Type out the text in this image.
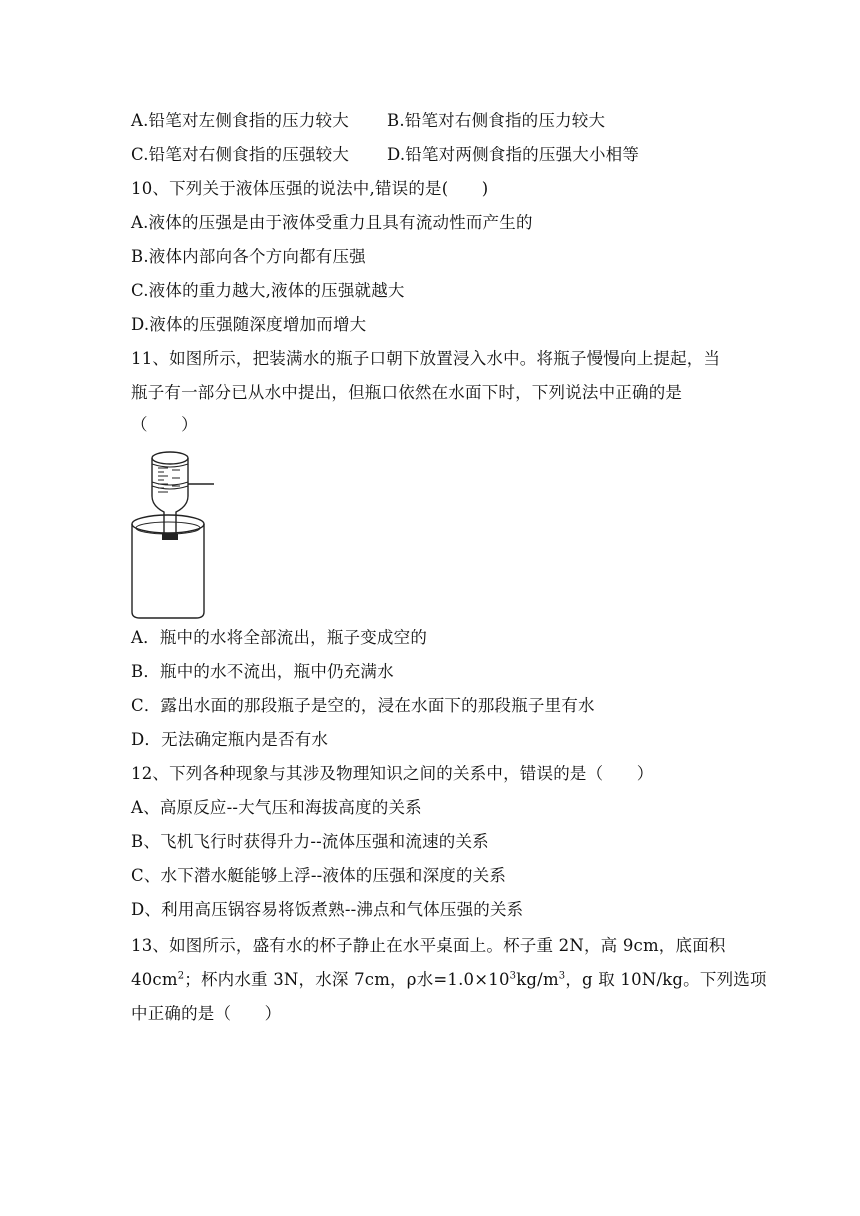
A.铅笔对左侧食指的压力较大 B.铅笔对右侧食指的压力较大
C.铅笔对右侧食指的压强较大 D.铅笔对两侧食指的压强大小相等
10、下列关于液体压强的说法中,错误的是(　　)
A.液体的压强是由于液体受重力且具有流动性而产生的
B.液体内部向各个方向都有压强
C.液体的重力越大,液体的压强就越大
D.液体的压强随深度增加而增大
11、如图所示，把装满水的瓶子口朝下放置浸入水中。将瓶子慢慢向上提起，当
瓶子有一部分已从水中提出，但瓶口依然在水面下时，下列说法中正确的是
（　　）
A．瓶中的水将全部流出，瓶子变成空的
B．瓶中的水不流出，瓶中仍充满水
C．露出水面的那段瓶子是空的，浸在水面下的那段瓶子里有水
D．无法确定瓶内是否有水
12、下列各种现象与其涉及物理知识之间的关系中，错误的是（　　）
A、高原反应--大气压和海拔高度的关系
B、飞机飞行时获得升力--流体压强和流速的关系
C、水下潜水艇能够上浮--液体的压强和深度的关系
D、利用高压锅容易将饭煮熟--沸点和气体压强的关系
13、如图所示，盛有水的杯子静止在水平桌面上。杯子重 2N，高 9cm，底面积
$40cm^2$；杯内水重 3N，水深 7cm，ρ水$=1.0\times 10^3kg/m^3$，g 取 10N/kg。下列选项
中正确的是（　　）
